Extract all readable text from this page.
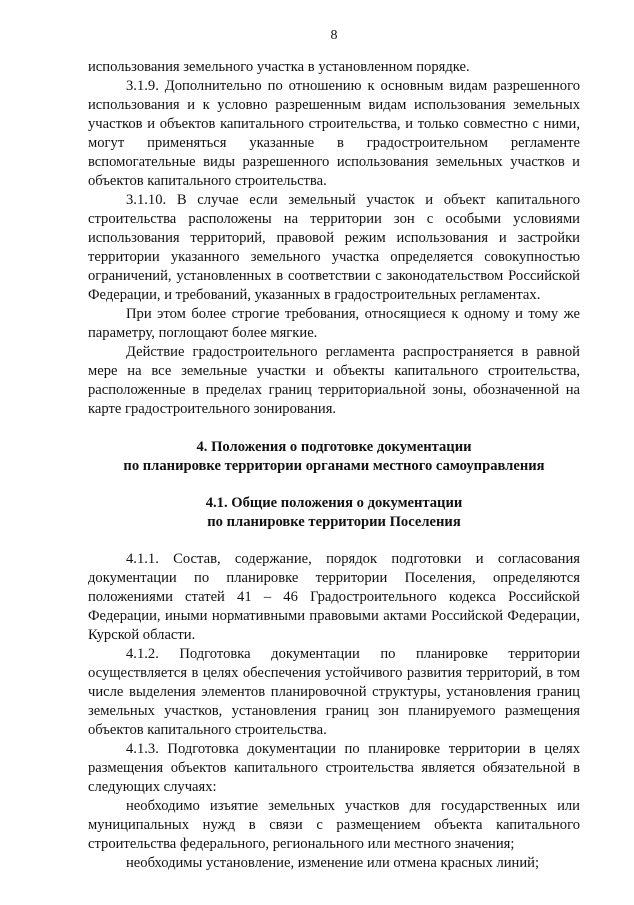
8

использования земельного участка в установленном порядке.

3.1.9. Дополнительно по отношению к основным видам разрешенного использования и к условно разрешенным видам использования земельных участков и объектов капитального строительства, и только совместно с ними, могут применяться указанные в градостроительном регламенте вспомогательные виды разрешенного использования земельных участков и объектов капитального строительства.

3.1.10. В случае если земельный участок и объект капитального строительства расположены на территории зон с особыми условиями использования территорий, правовой режим использования и застройки территории указанного земельного участка определяется совокупностью ограничений, установленных в соответствии с законодательством Российской Федерации, и требований, указанных в градостроительных регламентах.

При этом более строгие требования, относящиеся к одному и тому же параметру, поглощают более мягкие.

Действие градостроительного регламента распространяется в равной мере на все земельные участки и объекты капитального строительства, расположенные в пределах границ территориальной зоны, обозначенной на карте градостроительного зонирования.

4. Положения о подготовке документации

по планировке территории органами местного самоуправления

4.1. Общие положения о документации

по планировке территории Поселения

4.1.1. Состав, содержание, порядок подготовки и согласования документации по планировке территории Поселения, определяются положениями статей 41 – 46 Градостроительного кодекса Российской Федерации, иными нормативными правовыми актами Российской Федерации, Курской области.

4.1.2. Подготовка документации по планировке территории осуществляется в целях обеспечения устойчивого развития территорий, в том числе выделения элементов планировочной структуры, установления границ земельных участков, установления границ зон планируемого размещения объектов капитального строительства.

4.1.3. Подготовка документации по планировке территории в целях размещения объектов капитального строительства является обязательной в следующих случаях:

необходимо изъятие земельных участков для государственных или муниципальных нужд в связи с размещением объекта капитального строительства федерального, регионального или местного значения;

необходимы установление, изменение или отмена красных линий;
